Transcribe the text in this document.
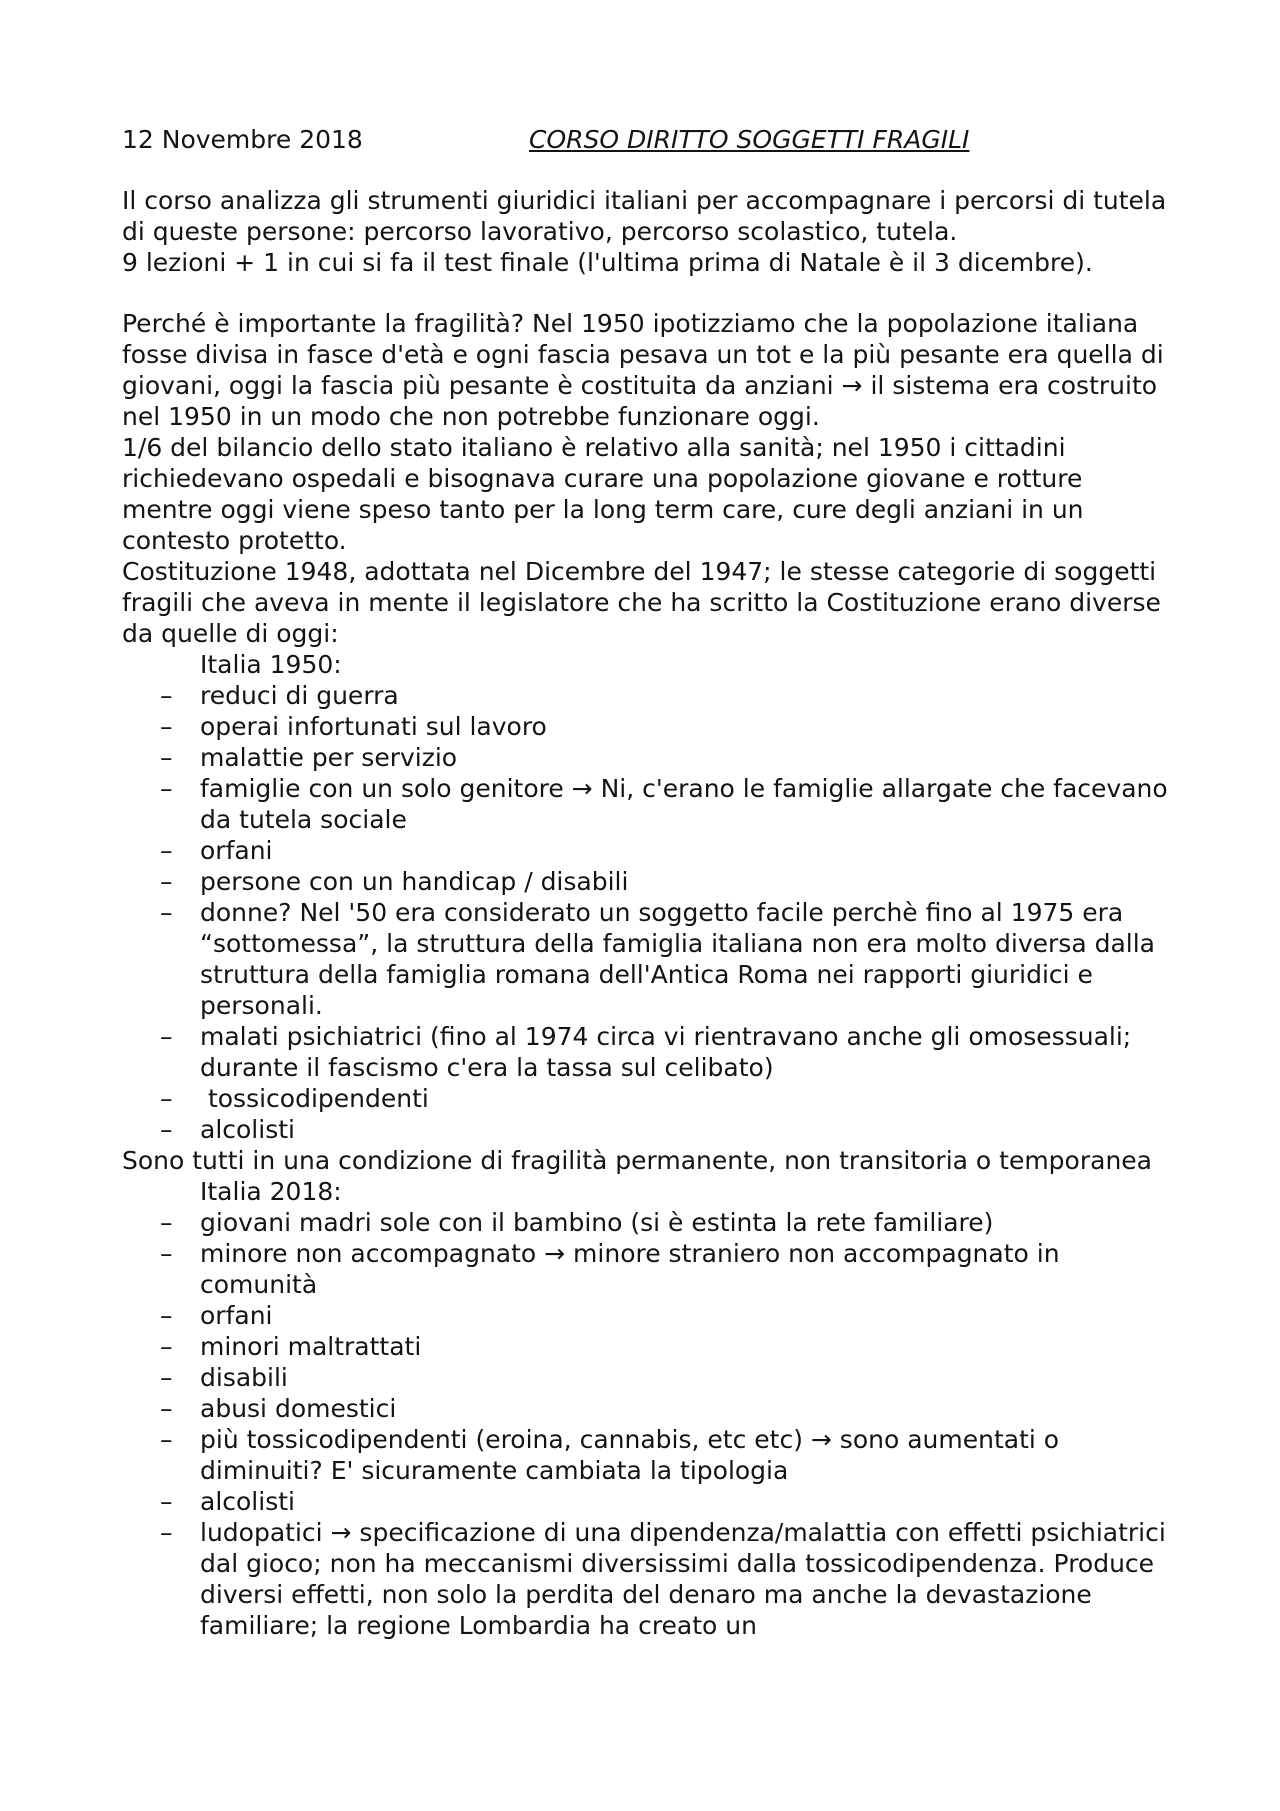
12 Novembre 2018	CORSO DIRITTO SOGGETTI FRAGILI

Il corso analizza gli strumenti giuridici italiani per accompagnare i percorsi di tutela di queste persone: percorso lavorativo, percorso scolastico, tutela.

9 lezioni + 1 in cui si fa il test finale (l'ultima prima di Natale è il 3 dicembre).

Perché è importante la fragilità? Nel 1950 ipotizziamo che la popolazione italiana fosse divisa in fasce d'età e ogni fascia pesava un tot e la più pesante era quella di giovani, oggi la fascia più pesante è costituita da anziani → il sistema era costruito nel 1950 in un modo che non potrebbe funzionare oggi.

1/6 del bilancio dello stato italiano è relativo alla sanità; nel 1950 i cittadini richiedevano ospedali e bisognava curare una popolazione giovane e rotture mentre oggi viene speso tanto per la long term care, cure degli anziani in un contesto protetto.

Costituzione 1948, adottata nel Dicembre del 1947; le stesse categorie di soggetti fragili che aveva in mente il legislatore che ha scritto la Costituzione erano diverse da quelle di oggi:

Italia 1950:

– reduci di guerra
– operai infortunati sul lavoro
– malattie per servizio
– famiglie con un solo genitore → Ni, c'erano le famiglie allargate che facevano da tutela sociale
– orfani
– persone con un handicap / disabili
– donne? Nel '50 era considerato un soggetto facile perchè fino al 1975 era “sottomessa”, la struttura della famiglia italiana non era molto diversa dalla struttura della famiglia romana dell'Antica Roma nei rapporti giuridici e personali.
– malati psichiatrici (fino al 1974 circa vi rientravano anche gli omosessuali; durante il fascismo c'era la tassa sul celibato)
– tossicodipendenti
– alcolisti

Sono tutti in una condizione di fragilità permanente, non transitoria o temporanea

Italia 2018:

– giovani madri sole con il bambino (si è estinta la rete familiare)
– minore non accompagnato → minore straniero non accompagnato in comunità
– orfani
– minori maltrattati
– disabili
– abusi domestici
– più tossicodipendenti (eroina, cannabis, etc etc) → sono aumentati o diminuiti? E' sicuramente cambiata la tipologia
– alcolisti
– ludopatici → specificazione di una dipendenza/malattia con effetti psichiatrici dal gioco; non ha meccanismi diversissimi dalla tossicodipendenza. Produce diversi effetti, non solo la perdita del denaro ma anche la devastazione familiare; la regione Lombardia ha creato un
